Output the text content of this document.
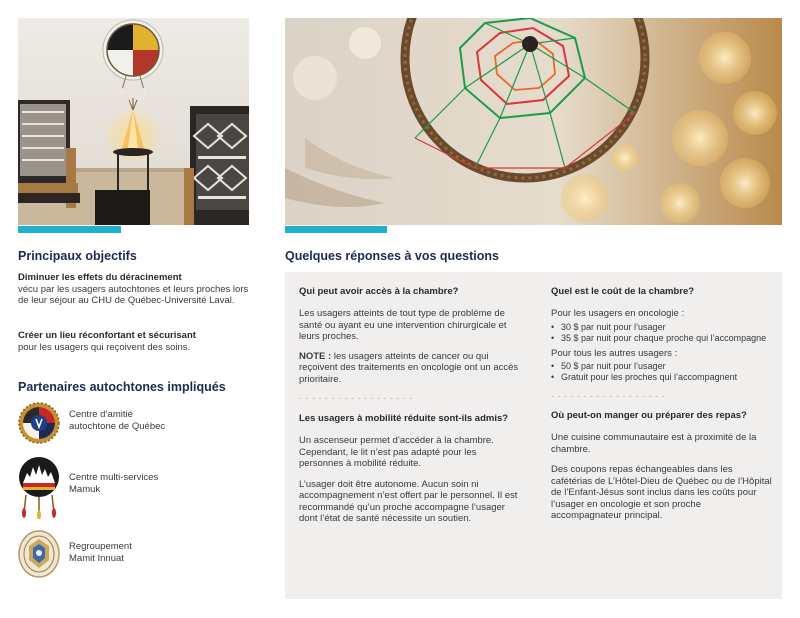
Principaux objectifs
Diminuer les effets du déracinement
vécu par les usagers autochtones et leurs proches lors de leur séjour au CHU de Québec-Université Laval.
Créer un lieu réconfortant et sécurisant
pour les usagers qui reçoivent des soins.
Partenaires autochtones impliqués
Centre d’amitié
autochtone de Québec
Centre multi-services
Mamuk
Regroupement
Mamit Innuat
Quelques réponses à vos questions
Qui peut avoir accès à la chambre?
Les usagers atteints de tout type de problème de santé ou ayant eu une intervention chirurgicale et leurs proches.
NOTE : les usagers atteints de cancer ou qui reçoivent des traitements en oncologie ont un accès prioritaire.
- - - - - - - - - - - - - - - - - -
Les usagers à mobilité réduite sont-ils admis?
Un ascenseur permet d’accéder à la chambre. Cependant, le lit n’est pas adapté pour les personnes à mobilité réduite.
L’usager doit être autonome. Aucun soin ni accompagnement n’est offert par le personnel. Il est recommandé qu’un proche accompagne l’usager dont l’état de santé nécessite un soutien.
Quel est le coût de la chambre?
Pour les usagers en oncologie :
• 30 $ par nuit pour l’usager
• 35 $ par nuit pour chaque proche qui l’accompagne
Pour tous les autres usagers :
• 50 $ par nuit pour l’usager
• Gratuit pour les proches qui l’accompagnent
- - - - - - - - - - - - - - - - - -
Où peut-on manger ou préparer des repas?
Une cuisine communautaire est à proximité de la chambre.
Des coupons repas échangeables dans les cafétérias de L’Hôtel-Dieu de Québec ou de l’Hôpital de l’Enfant-Jésus sont inclus dans les coûts pour l’usager en oncologie et son proche accompagnateur principal.
